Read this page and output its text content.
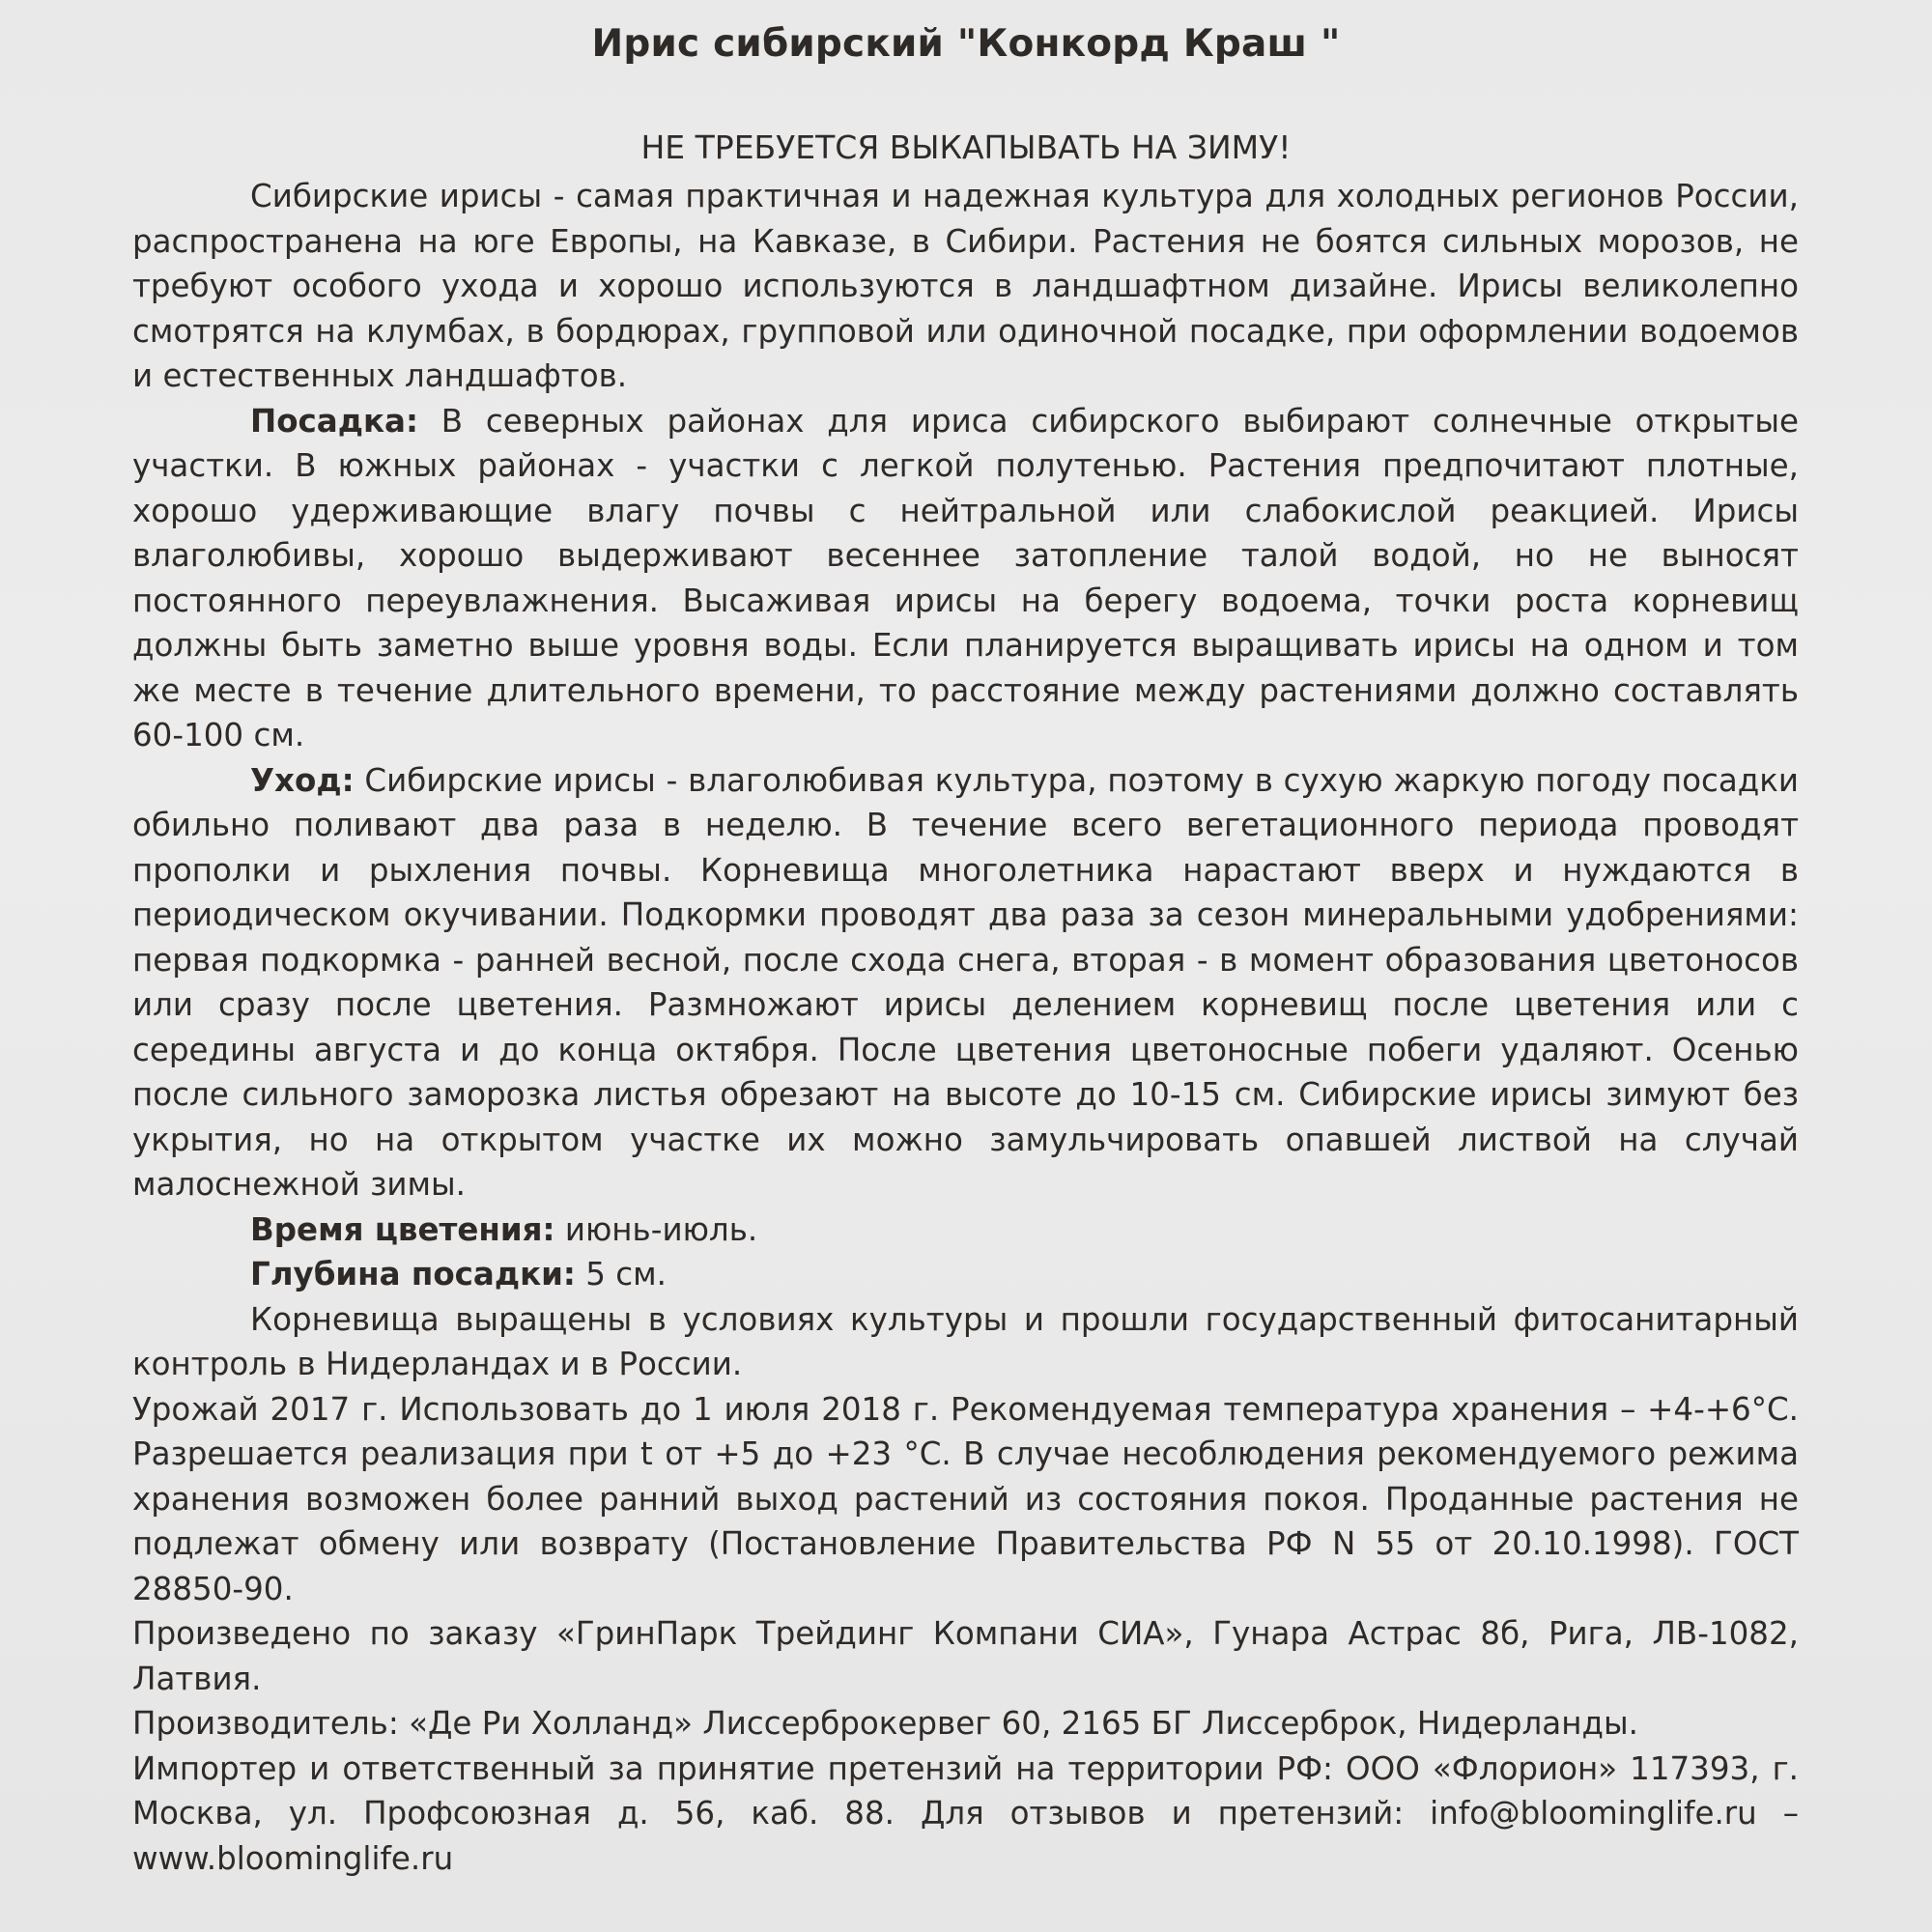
Ирис сибирский "Конкорд Краш "
НЕ ТРЕБУЕТСЯ ВЫКАПЫВАТЬ НА ЗИМУ!

Сибирские ирисы - самая практичная и надежная культура для холодных регионов России, распространена на юге Европы, на Кавказе, в Сибири. Растения не боятся сильных морозов, не требуют особого ухода и хорошо используются в ландшафтном дизайне. Ирисы великолепно смотрятся на клумбах, в бордюрах, групповой или одиночной посадке, при оформлении водоемов и естественных ландшафтов.

Посадка: В северных районах для ириса сибирского выбирают солнечные открытые участки. В южных районах - участки с легкой полутенью. Растения предпочитают плотные, хорошо удерживающие влагу почвы с нейтральной или слабокислой реакцией. Ирисы влаголюбивы, хорошо выдерживают весеннее затопление талой водой, но не выносят постоянного переувлажнения. Высаживая ирисы на берегу водоема, точки роста корневищ должны быть заметно выше уровня воды. Если планируется выращивать ирисы на одном и том же месте в течение длительного времени, то расстояние между растениями должно составлять 60-100 см.

Уход: Сибирские ирисы - влаголюбивая культура, поэтому в сухую жаркую погоду посадки обильно поливают два раза в неделю. В течение всего вегетационного периода проводят прополки и рыхления почвы. Корневища многолетника нарастают вверх и нуждаются в периодическом окучивании. Подкормки проводят два раза за сезон минеральными удобрениями: первая подкормка - ранней весной, после схода снега, вторая - в момент образования цветоносов или сразу после цветения. Размножают ирисы делением корневищ после цветения или с середины августа и до конца октября. После цветения цветоносные побеги удаляют. Осенью после сильного заморозка листья обрезают на высоте до 10-15 см. Сибирские ирисы зимуют без укрытия, но на открытом участке их можно замульчировать опавшей листвой на случай малоснежной зимы.

Время цветения: июнь-июль.

Глубина посадки: 5 см.

Корневища выращены в условиях культуры и прошли государственный фитосанитарный контроль в Нидерландах и в России.

Урожай 2017 г. Использовать до 1 июля 2018 г. Рекомендуемая температура хранения – +4-+6°С. Разрешается реализация при t от +5 до +23 °С. В случае несоблюдения рекомендуемого режима хранения возможен более ранний выход растений из состояния покоя. Проданные растения не подлежат обмену или возврату (Постановление Правительства РФ N 55 от 20.10.1998). ГОСТ 28850-90.

Произведено по заказу «ГринПарк Трейдинг Компани СИА», Гунара Астрас 8б, Рига, ЛВ-1082, Латвия.

Производитель: «Де Ри Холланд» Лиссерброкервег 60, 2165 БГ Лиссерброк, Нидерланды.

Импортер и ответственный за принятие претензий на территории РФ: ООО «Флорион» 117393, г. Москва, ул. Профсоюзная д. 56, каб. 88. Для отзывов и претензий: info@bloominglife.ru – www.bloominglife.ru
